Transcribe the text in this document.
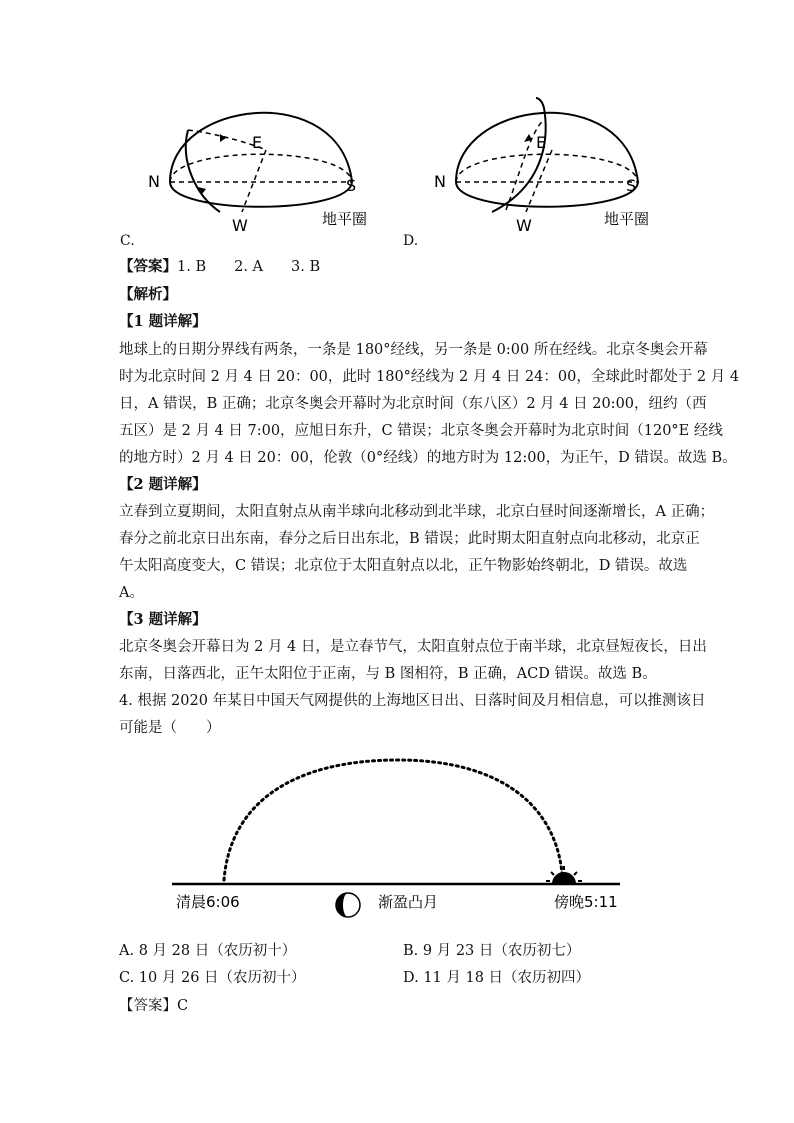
N	S
E
W	地平圈
C.
N	S
E
W	地平圈
D.
【答案】1. B 2. A 3. B
【解析】
【1 题详解】
地球上的日期分界线有两条，一条是 180°经线，另一条是 0:00 所在经线。北京冬奥会开幕
时为北京时间 2 月 4 日 20：00，此时 180°经线为 2 月 4 日 24：00，全球此时都处于 2 月 4
日，A 错误，B 正确；北京冬奥会开幕时为北京时间（东八区）2 月 4 日 20:00，纽约（西
五区）是 2 月 4 日 7:00，应旭日东升，C 错误；北京冬奥会开幕时为北京时间（120°E 经线
的地方时）2 月 4 日 20：00，伦敦（0°经线）的地方时为 12:00，为正午，D 错误。故选 B。
【2 题详解】
立春到立夏期间，太阳直射点从南半球向北移动到北半球，北京白昼时间逐渐增长，A 正确；
春分之前北京日出东南，春分之后日出东北，B 错误；此时期太阳直射点向北移动，北京正
午太阳高度变大，C 错误；北京位于太阳直射点以北，正午物影始终朝北，D 错误。故选
A。
【3 题详解】
北京冬奥会开幕日为 2 月 4 日，是立春节气，太阳直射点位于南半球，北京昼短夜长，日出
东南，日落西北，正午太阳位于正南，与 B 图相符，B 正确，ACD 错误。故选 B。
4. 根据 2020 年某日中国天气网提供的上海地区日出、日落时间及月相信息，可以推测该日
可能是（　　）
清晨6:06	渐盈凸月	傍晚5:11
A. 8 月 28 日（农历初十）	B. 9 月 23 日（农历初七）
C. 10 月 26 日（农历初十）	D. 11 月 18 日（农历初四）
【答案】C
